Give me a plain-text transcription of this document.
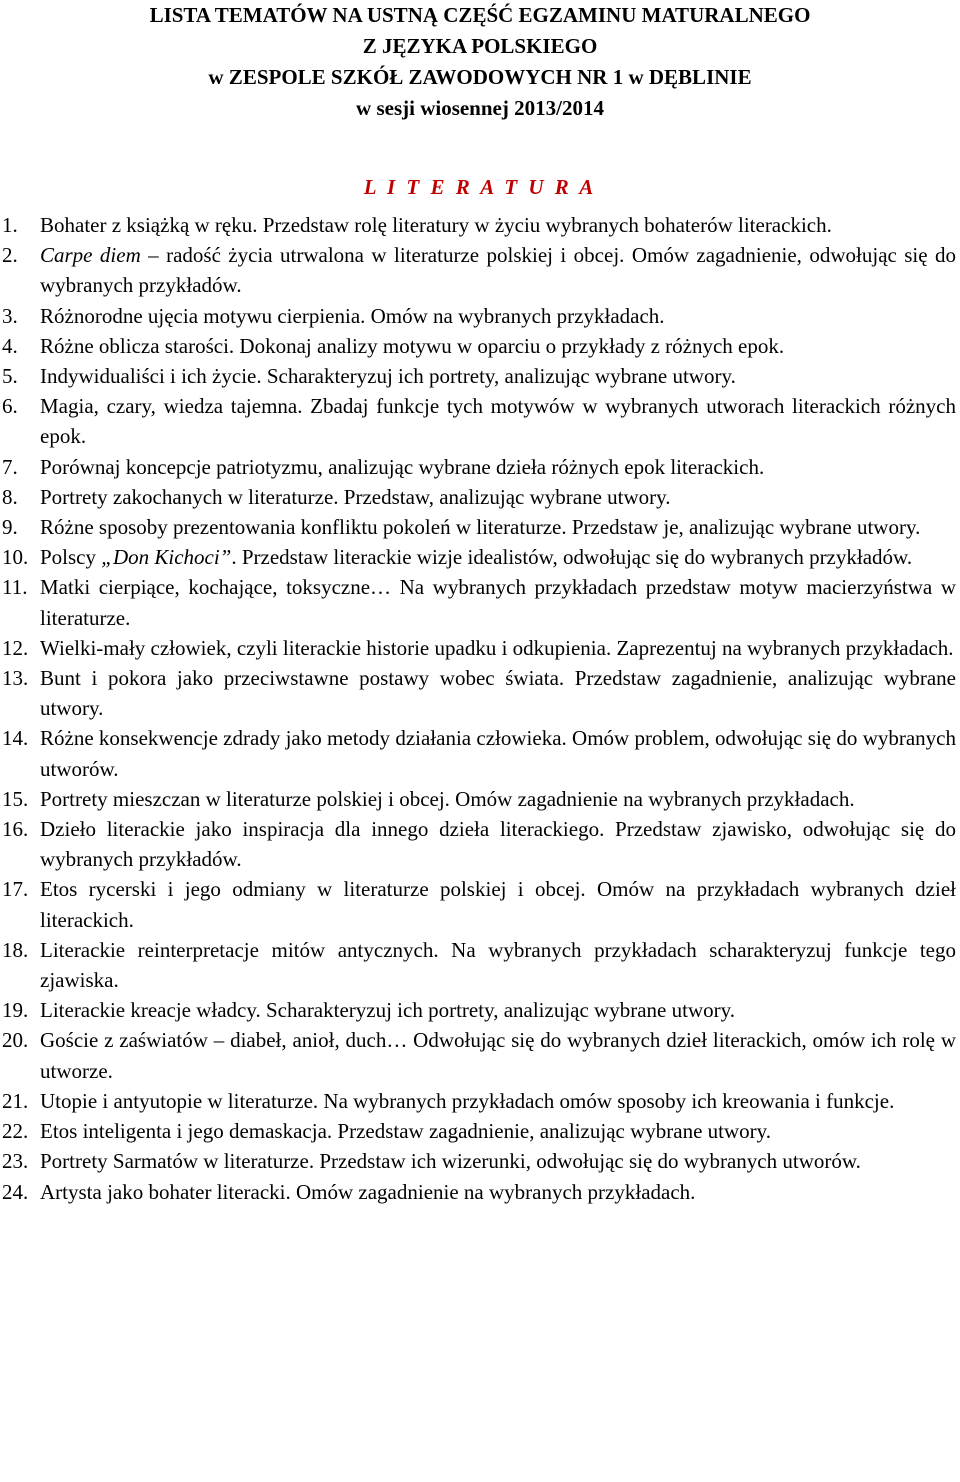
LISTA TEMATÓW NA USTNĄ CZĘŚĆ EGZAMINU MATURALNEGO
Z JĘZYKA POLSKIEGO
w ZESPOLE SZKÓŁ ZAWODOWYCH NR 1 w DĘBLINIE
w sesji wiosennej 2013/2014
L I T E R A T U R A
1. Bohater z książką w ręku. Przedstaw rolę literatury w życiu wybranych bohaterów literackich.
2. Carpe diem – radość życia utrwalona w literaturze polskiej i obcej. Omów zagadnienie, odwołując się do wybranych przykładów.
3. Różnorodne ujęcia motywu cierpienia. Omów na wybranych przykładach.
4. Różne oblicza starości. Dokonaj analizy motywu w oparciu o przykłady z różnych epok.
5. Indywidualiści i ich życie. Scharakteryzuj ich portrety, analizując wybrane utwory.
6. Magia, czary, wiedza tajemna. Zbadaj funkcje tych motywów w wybranych utworach literackich różnych epok.
7. Porównaj koncepcje patriotyzmu, analizując wybrane dzieła różnych epok literackich.
8. Portrety zakochanych w literaturze. Przedstaw, analizując wybrane utwory.
9. Różne sposoby prezentowania konfliktu pokoleń w literaturze. Przedstaw je, analizując wybrane utwory.
10. Polscy „Don Kichoci”. Przedstaw literackie wizje idealistów, odwołując się do wybranych przykładów.
11. Matki cierpiące, kochające, toksyczne… Na wybranych przykładach przedstaw motyw macierzyństwa w literaturze.
12. Wielki-mały człowiek, czyli literackie historie upadku i odkupienia. Zaprezentuj na wybranych przykładach.
13. Bunt i pokora jako przeciwstawne postawy wobec świata. Przedstaw zagadnienie, analizując wybrane utwory.
14. Różne konsekwencje zdrady jako metody działania człowieka. Omów problem, odwołując się do wybranych utworów.
15. Portrety mieszczan w literaturze polskiej i obcej. Omów zagadnienie na wybranych przykładach.
16. Dzieło literackie jako inspiracja dla innego dzieła literackiego. Przedstaw zjawisko, odwołując się do wybranych przykładów.
17. Etos rycerski i jego odmiany w literaturze polskiej i obcej. Omów na przykładach wybranych dzieł literackich.
18. Literackie reinterpretacje mitów antycznych. Na wybranych przykładach scharakteryzuj funkcje tego zjawiska.
19. Literackie kreacje władcy. Scharakteryzuj ich portrety, analizując wybrane utwory.
20. Goście z zaświatów – diabeł, anioł, duch… Odwołując się do wybranych dzieł literackich, omów ich rolę w utworze.
21. Utopie i antyutopie w literaturze. Na wybranych przykładach omów sposoby ich kreowania i funkcje.
22. Etos inteligenta i jego demaskacja. Przedstaw zagadnienie, analizując wybrane utwory.
23. Portrety Sarmatów w literaturze. Przedstaw ich wizerunki, odwołując się do wybranych utworów.
24. Artysta jako bohater literacki. Omów zagadnienie na wybranych przykładach.
